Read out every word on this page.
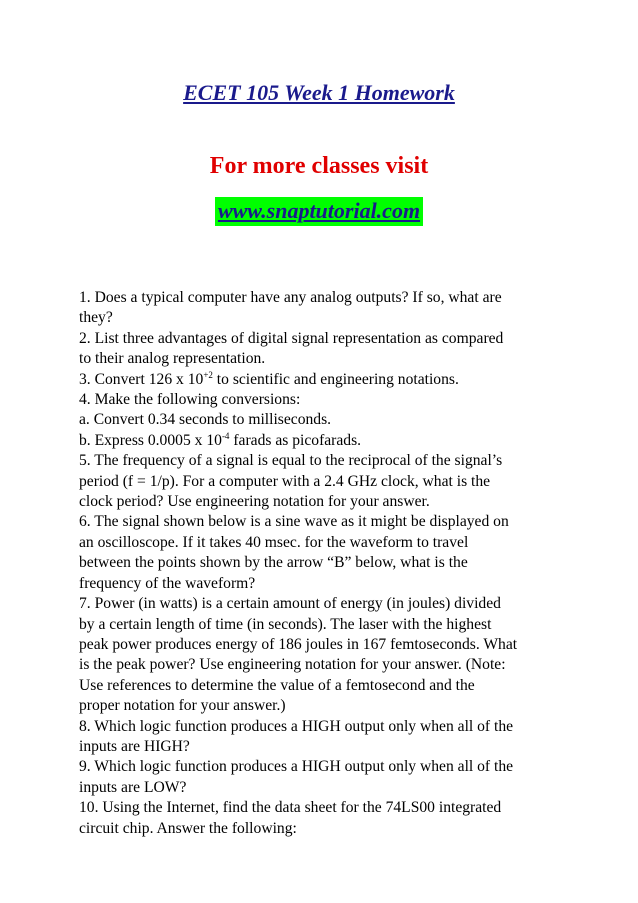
ECET 105 Week 1 Homework
For more classes visit
www.snaptutorial.com
1. Does a typical computer have any analog outputs? If so, what are
they?
2. List three advantages of digital signal representation as compared
to their analog representation.
3. Convert 126 x $10^{+2}$ to scientific and engineering notations.
4. Make the following conversions:
a. Convert 0.34 seconds to milliseconds.
b. Express 0.0005 x $10^{-4}$ farads as picofarads.
5. The frequency of a signal is equal to the reciprocal of the signal’s
period (f = 1/p). For a computer with a 2.4 GHz clock, what is the
clock period? Use engineering notation for your answer.
6. The signal shown below is a sine wave as it might be displayed on
an oscilloscope. If it takes 40 msec. for the waveform to travel
between the points shown by the arrow “B” below, what is the
frequency of the waveform?
7. Power (in watts) is a certain amount of energy (in joules) divided
by a certain length of time (in seconds). The laser with the highest
peak power produces energy of 186 joules in 167 femtoseconds. What
is the peak power? Use engineering notation for your answer. (Note:
Use references to determine the value of a femtosecond and the
proper notation for your answer.)
8. Which logic function produces a HIGH output only when all of the
inputs are HIGH?
9. Which logic function produces a HIGH output only when all of the
inputs are LOW?
10. Using the Internet, find the data sheet for the 74LS00 integrated
circuit chip. Answer the following:
